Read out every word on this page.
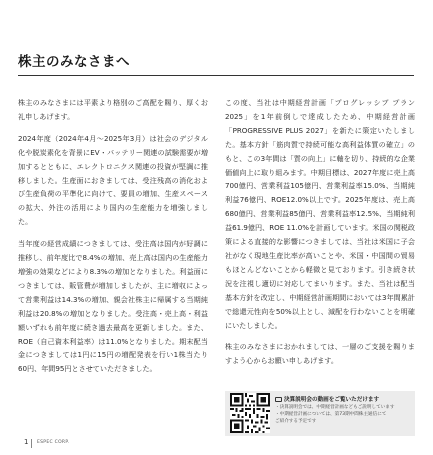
株主のみなさまへ

株主のみなさまには平素より格別のご高配を賜り、厚くお礼申しあげます。

2024年度（2024年4月～2025年3月）は社会のデジタル化や脱炭素化を背景にEV・バッテリー関連の試験需要が増加するとともに、エレクトロニクス関連の投資が堅調に推移しました。生産面におきましては、受注残高の消化および生産負荷の平準化に向けて、要員の増加、生産スペースの拡大、外注の活用により国内の生産能力を増強しました。

当年度の経営成績につきましては、受注高は国内が好調に推移し、前年度比で8.4%の増加、売上高は国内の生産能力増強の効果などにより8.3%の増加となりました。利益面につきましては、販管費が増加しましたが、主に増収によって営業利益は14.3%の増加、親会社株主に帰属する当期純利益は20.8%の増加となりました。受注高・売上高・利益額いずれも前年度に続き過去最高を更新しました。また、ROE（自己資本利益率）は11.0%となりました。期末配当金につきましては1円に15円の増配発表を行い1株当たり60円、年間95円とさせていただきました。

この度、当社は中期経営計画「プログレッシブ プラン2025」を1年前倒しで達成したため、中期経営計画「PROGRESSIVE PLUS 2027」を新たに策定いたしました。基本方針「筋肉質で持続可能な高利益体質の確立」のもと、この3年間は「質の向上」に軸を切り、持続的な企業価値向上に取り組みます。中期目標は、2027年度に売上高700億円、営業利益105億円、営業利益率15.0%、当期純利益76億円、ROE12.0%以上です。2025年度は、売上高680億円、営業利益85億円、営業利益率12.5%、当期純利益61.9億円、ROE 11.0%を計画しています。米国の関税政策による直接的な影響につきましては、当社は米国に子会社がなく現地生産比率が高いことや、米国・中国間の貿易もほとんどないことから軽微と見ております。引き続き状況を注視し適切に対応してまいります。また、当社は配当基本方針を改定し、中期経営計画期間においては3年間累計で総還元性向を50%以上とし、減配を行わないことを明確にいたしました。

株主のみなさまにおかれましては、一層のご支援を賜りますよう心からお願い申しあげます。

決算説明会の動画をご覧いただけます
・決算説明会では、中期経営計画などもご説明しています
・中期経営計画については、第73期中間株主通信にて
ご紹介する予定です
1 ESPEC CORP.
